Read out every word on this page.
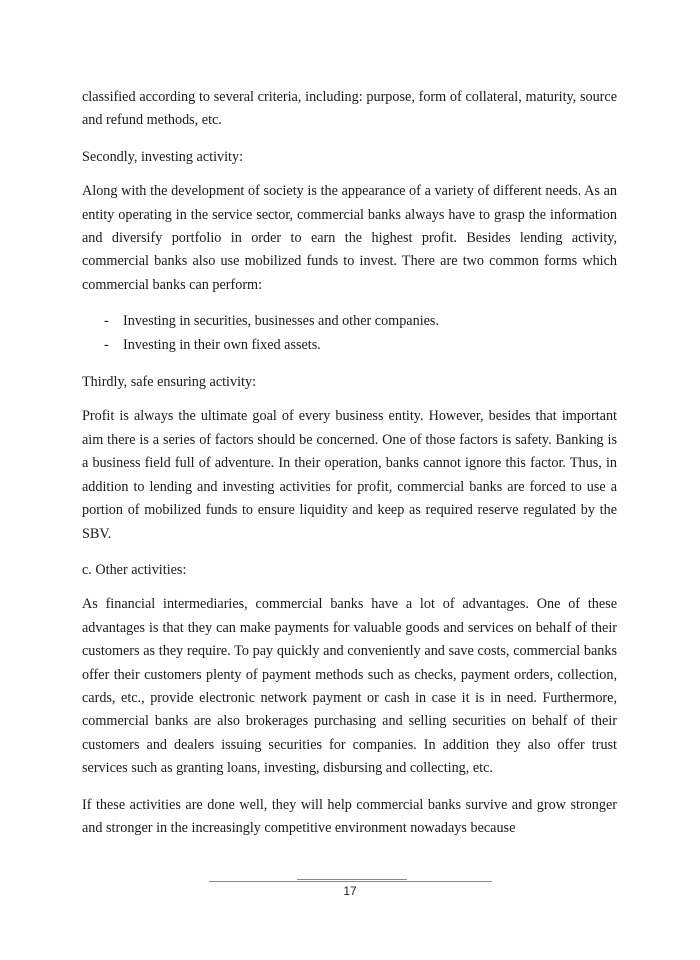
classified according to several criteria, including: purpose, form of collateral, maturity, source and refund methods, etc.

Secondly, investing activity:

Along with the development of society is the appearance of a variety of different needs. As an entity operating in the service sector, commercial banks always have to grasp the information and diversify portfolio in order to earn the highest profit. Besides lending activity, commercial banks also use mobilized funds to invest. There are two common forms which commercial banks can perform:

- Investing in securities, businesses and other companies.
- Investing in their own fixed assets.

Thirdly, safe ensuring activity:

Profit is always the ultimate goal of every business entity. However, besides that important aim there is a series of factors should be concerned. One of those factors is safety. Banking is a business field full of adventure. In their operation, banks cannot ignore this factor. Thus, in addition to lending and investing activities for profit, commercial banks are forced to use a portion of mobilized funds to ensure liquidity and keep as required reserve regulated by the SBV.

c. Other activities:

As financial intermediaries, commercial banks have a lot of advantages. One of these advantages is that they can make payments for valuable goods and services on behalf of their customers as they require. To pay quickly and conveniently and save costs, commercial banks offer their customers plenty of payment methods such as checks, payment orders, collection, cards, etc., provide electronic network payment or cash in case it is in need. Furthermore, commercial banks are also brokerages purchasing and selling securities on behalf of their customers and dealers issuing securities for companies. In addition they also offer trust services such as granting loans, investing, disbursing and collecting, etc.

If these activities are done well, they will help commercial banks survive and grow stronger and stronger in the increasingly competitive environment nowadays because

17
